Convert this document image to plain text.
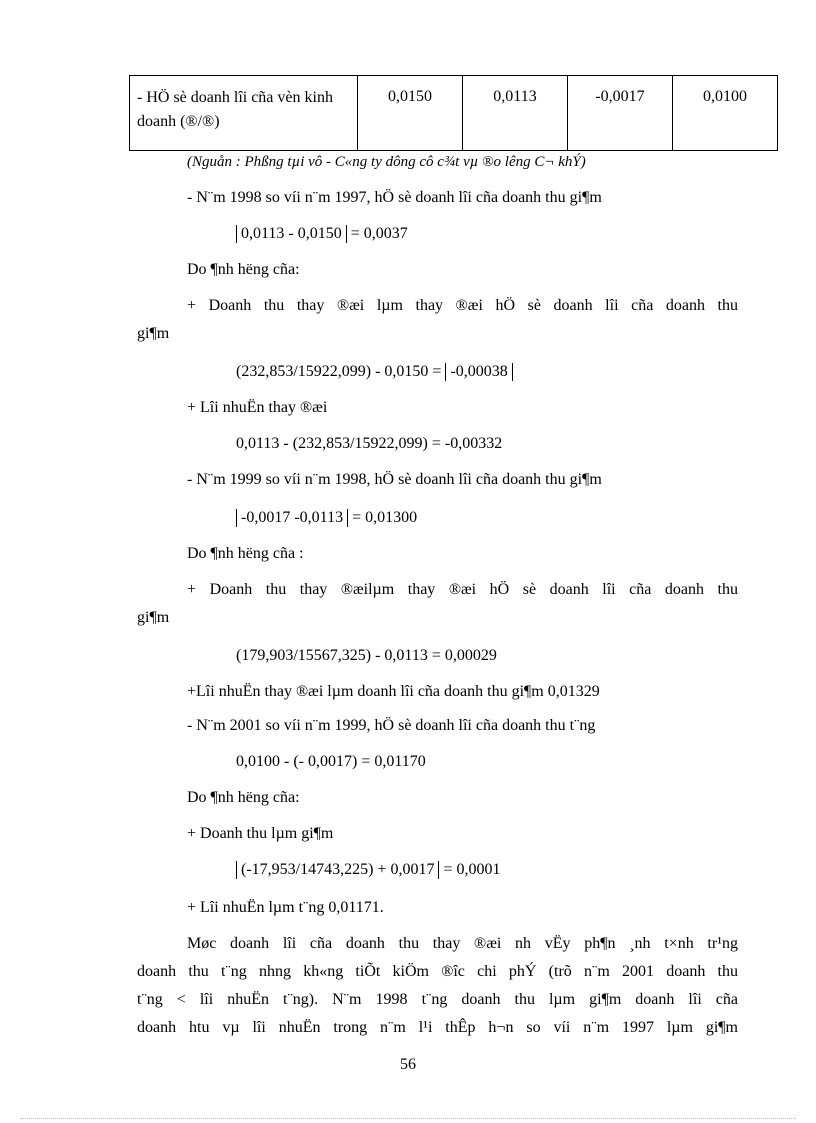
- HÖ sè doanh lîi cña vèn kinh doanh (®/®)	0,0150	0,0113	-0,0017	0,0100
(Nguån : Phßng tµi vô - C«ng ty dông cô c¾t vµ ®o lêng C¬ khÝ)
- N¨m 1998 so víi n¨m 1997, hÖ sè doanh lîi cña doanh thu gi¶m
0,0113 - 0,0150 = 0,0037
Do ¶nh hëng cña:
+ Doanh thu thay ®æi lµm thay ®æi hÖ sè doanh lîi cña doanh thu
gi¶m
(232,853/15922,099) - 0,0150 = -0,00038
+ Lîi nhuËn thay ®æi
0,0113 - (232,853/15922,099) = -0,00332
- N¨m 1999 so víi n¨m 1998, hÖ sè doanh lîi cña doanh thu gi¶m
-0,0017 -0,0113 = 0,01300
Do ¶nh hëng cña :
+ Doanh thu thay ®æilµm thay ®æi hÖ sè doanh lîi cña doanh thu
gi¶m
(179,903/15567,325) - 0,0113 = 0,00029
+Lîi nhuËn thay ®æi lµm doanh lîi cña doanh thu gi¶m 0,01329
- N¨m 2001 so víi n¨m 1999, hÖ sè doanh lîi cña doanh thu t¨ng
0,0100 - (- 0,0017) = 0,01170
Do ¶nh hëng cña:
+ Doanh thu lµm gi¶m
(-17,953/14743,225) + 0,0017 = 0,0001
+ Lîi nhuËn lµm t¨ng 0,01171.
Møc doanh lîi cña doanh thu thay ®æi nh vËy ph¶n ¸nh t×nh tr¹ng
doanh thu t¨ng nhng kh«ng tiÕt kiÖm ®îc chi phÝ (trõ n¨m 2001 doanh thu
t¨ng < lîi nhuËn t¨ng). N¨m 1998 t¨ng doanh thu lµm gi¶m doanh lîi cña
doanh htu vµ lîi nhuËn trong n¨m l¹i thÊp h¬n so víi n¨m 1997 lµm gi¶m
56
